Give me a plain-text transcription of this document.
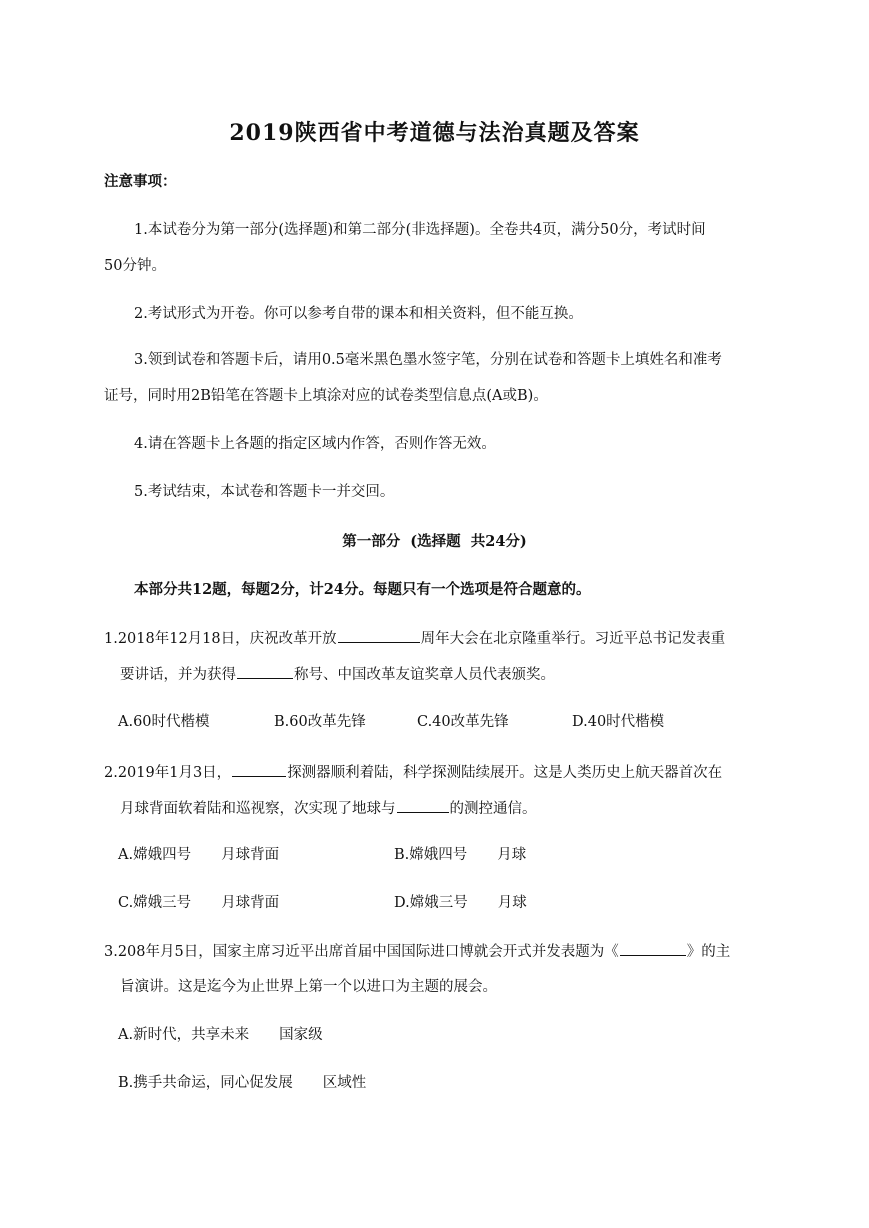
2019陕西省中考道德与法治真题及答案
注意事项：
1.本试卷分为第一部分(选择题)和第二部分(非选择题)。全卷共4页，满分50分，考试时间
50分钟。
2.考试形式为开卷。你可以参考自带的课本和相关资料，但不能互换。
3.领到试卷和答题卡后，请用0.5毫米黑色墨水签字笔，分别在试卷和答题卡上填姓名和准考
证号，同时用2B铅笔在答题卡上填涂对应的试卷类型信息点(A或B)。
4.请在答题卡上各题的指定区域内作答，否则作答无效。
5.考试结束，本试卷和答题卡一并交回。
第一部分  (选择题  共24分)
本部分共12题，每题2分，计24分。每题只有一个选项是符合题意的。
1.2018年12月18日，庆祝改革开放	周年大会在北京隆重举行。习近平总书记发表重
要讲话，并为获得	称号、中国改革友谊奖章人员代表颁奖。
A.60时代楷模	B.60改革先锋	C.40改革先锋	D.40时代楷模
2.2019年1月3日，	探测器顺利着陆，科学探测陆续展开。这是人类历史上航天器首次在
月球背面软着陆和巡视察，次实现了地球与	的测控通信。
A.嫦娥四号 月球背面	B.嫦娥四号 月球
C.嫦娥三号 月球背面	D.嫦娥三号 月球
3.208年月5日，国家主席习近平出席首届中国国际进口博就会开式并发表题为《	》的主
旨演讲。这是迄今为止世界上第一个以进口为主题的展会。
A.新时代，共享未来 国家级
B.携手共命运，同心促发展 区域性
